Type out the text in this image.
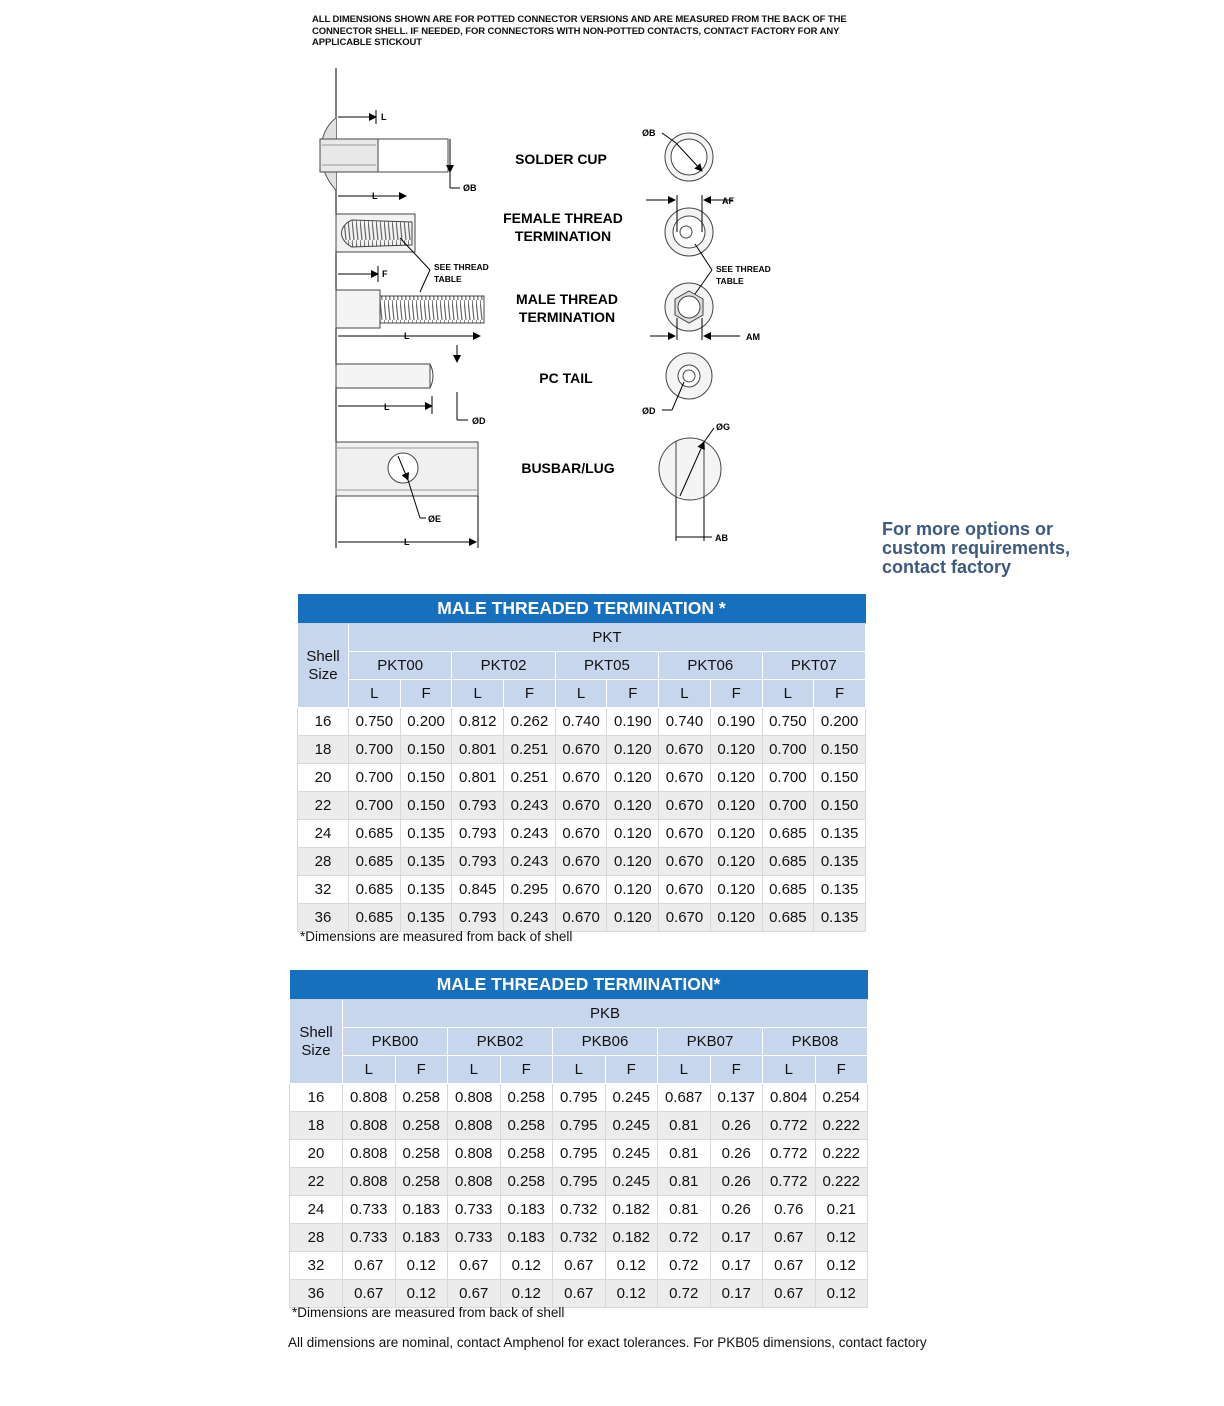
ALL DIMENSIONS SHOWN ARE FOR POTTED CONNECTOR VERSIONS AND ARE MEASURED FROM THE BACK OF THE CONNECTOR SHELL. IF NEEDED, FOR CONNECTORS WITH NON-POTTED CONTACTS, CONTACT FACTORY FOR ANY APPLICABLE STICKOUT
L
ØB
L
F
SEE THREAD
TABLE
L
ØD
L
ØE
L
SOLDER CUP
FEMALE THREAD
TERMINATION
MALE THREAD
TERMINATION
PC TAIL
BUSBAR/LUG
ØB
AF
SEE THREAD
TABLE
AM
ØD
ØG
AB	For more options or custom requirements, contact factory
MALE THREADED TERMINATION *										
Shell
Size	PKT									
	PKT00		PKT02		PKT05		PKT06		PKT07	
	L	F	L	F	L	F	L	F	L	F
16	0.750	0.200	0.812	0.262	0.740	0.190	0.740	0.190	0.750	0.200
18	0.700	0.150	0.801	0.251	0.670	0.120	0.670	0.120	0.700	0.150
20	0.700	0.150	0.801	0.251	0.670	0.120	0.670	0.120	0.700	0.150
22	0.700	0.150	0.793	0.243	0.670	0.120	0.670	0.120	0.700	0.150
24	0.685	0.135	0.793	0.243	0.670	0.120	0.670	0.120	0.685	0.135
28	0.685	0.135	0.793	0.243	0.670	0.120	0.670	0.120	0.685	0.135
32	0.685	0.135	0.845	0.295	0.670	0.120	0.670	0.120	0.685	0.135
36	0.685	0.135	0.793	0.243	0.670	0.120	0.670	0.120	0.685	0.135
*Dimensions are measured from back of shell
MALE THREADED TERMINATION*										
Shell
Size	PKB									
	PKB00		PKB02		PKB06		PKB07		PKB08	
	L	F	L	F	L	F	L	F	L	F
16	0.808	0.258	0.808	0.258	0.795	0.245	0.687	0.137	0.804	0.254
18	0.808	0.258	0.808	0.258	0.795	0.245	0.81	0.26	0.772	0.222
20	0.808	0.258	0.808	0.258	0.795	0.245	0.81	0.26	0.772	0.222
22	0.808	0.258	0.808	0.258	0.795	0.245	0.81	0.26	0.772	0.222
24	0.733	0.183	0.733	0.183	0.732	0.182	0.81	0.26	0.76	0.21
28	0.733	0.183	0.733	0.183	0.732	0.182	0.72	0.17	0.67	0.12
32	0.67	0.12	0.67	0.12	0.67	0.12	0.72	0.17	0.67	0.12
36	0.67	0.12	0.67	0.12	0.67	0.12	0.72	0.17	0.67	0.12
*Dimensions are measured from back of shell
All dimensions are nominal, contact Amphenol for exact tolerances. For PKB05 dimensions, contact factory
